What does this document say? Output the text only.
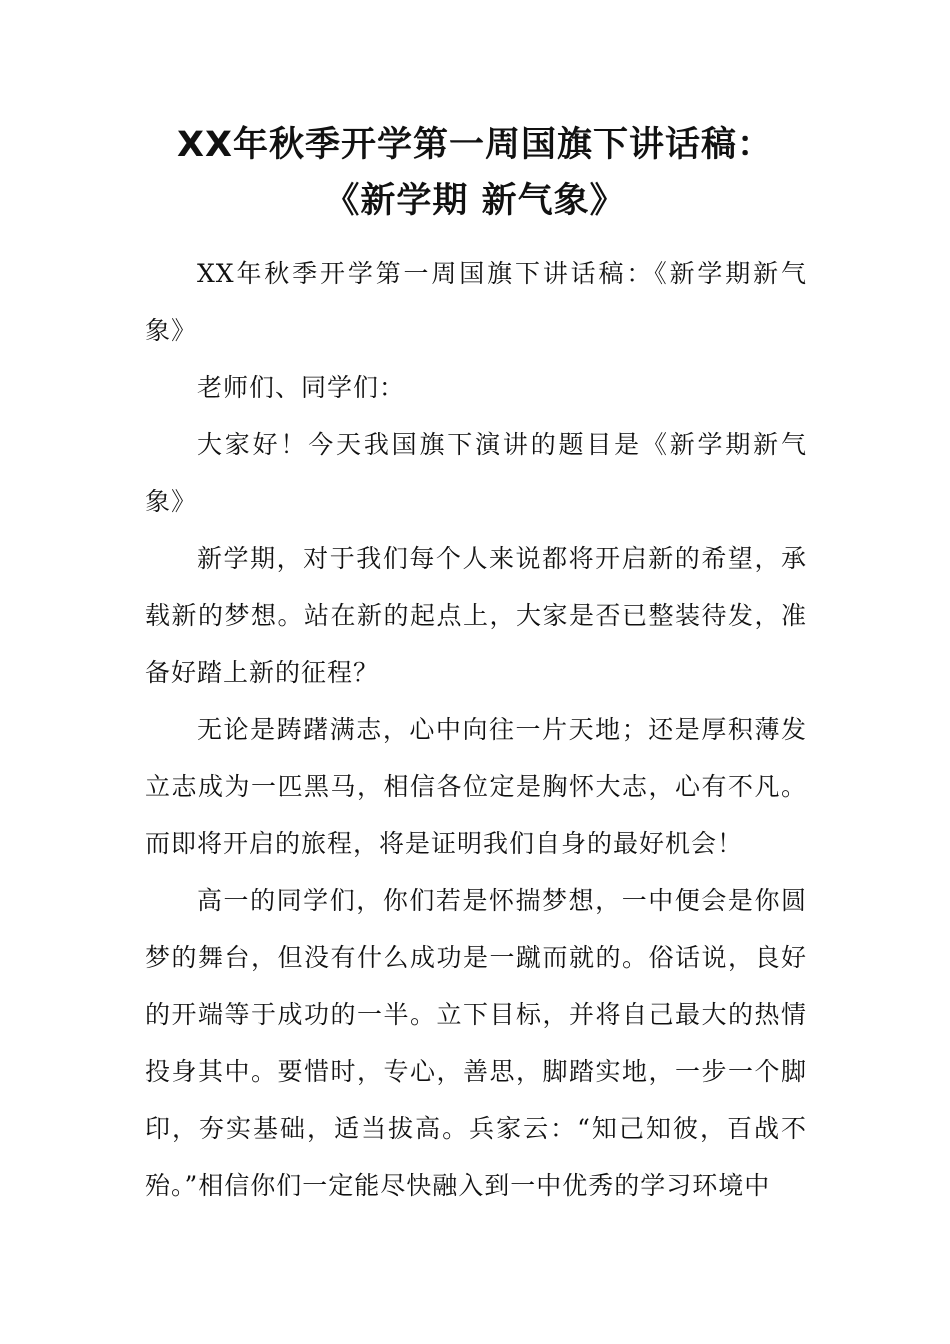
XX年秋季开学第一周国旗下讲话稿：
《新学期 新气象》

XX年秋季开学第一周国旗下讲话稿：《新学期新气象》

老师们、同学们：

大家好！今天我国旗下演讲的题目是《新学期新气象》

新学期，对于我们每个人来说都将开启新的希望，承载新的梦想。站在新的起点上，大家是否已整装待发，准备好踏上新的征程？

无论是踌躇满志，心中向往一片天地；还是厚积薄发立志成为一匹黑马，相信各位定是胸怀大志，心有不凡。而即将开启的旅程，将是证明我们自身的最好机会！

高一的同学们，你们若是怀揣梦想，一中便会是你圆梦的舞台，但没有什么成功是一蹴而就的。俗话说，良好的开端等于成功的一半。立下目标，并将自己最大的热情投身其中。要惜时，专心，善思，脚踏实地，一步一个脚印，夯实基础，适当拔高。兵家云：“知己知彼，百战不殆。”相信你们一定能尽快融入到一中优秀的学习环境中
